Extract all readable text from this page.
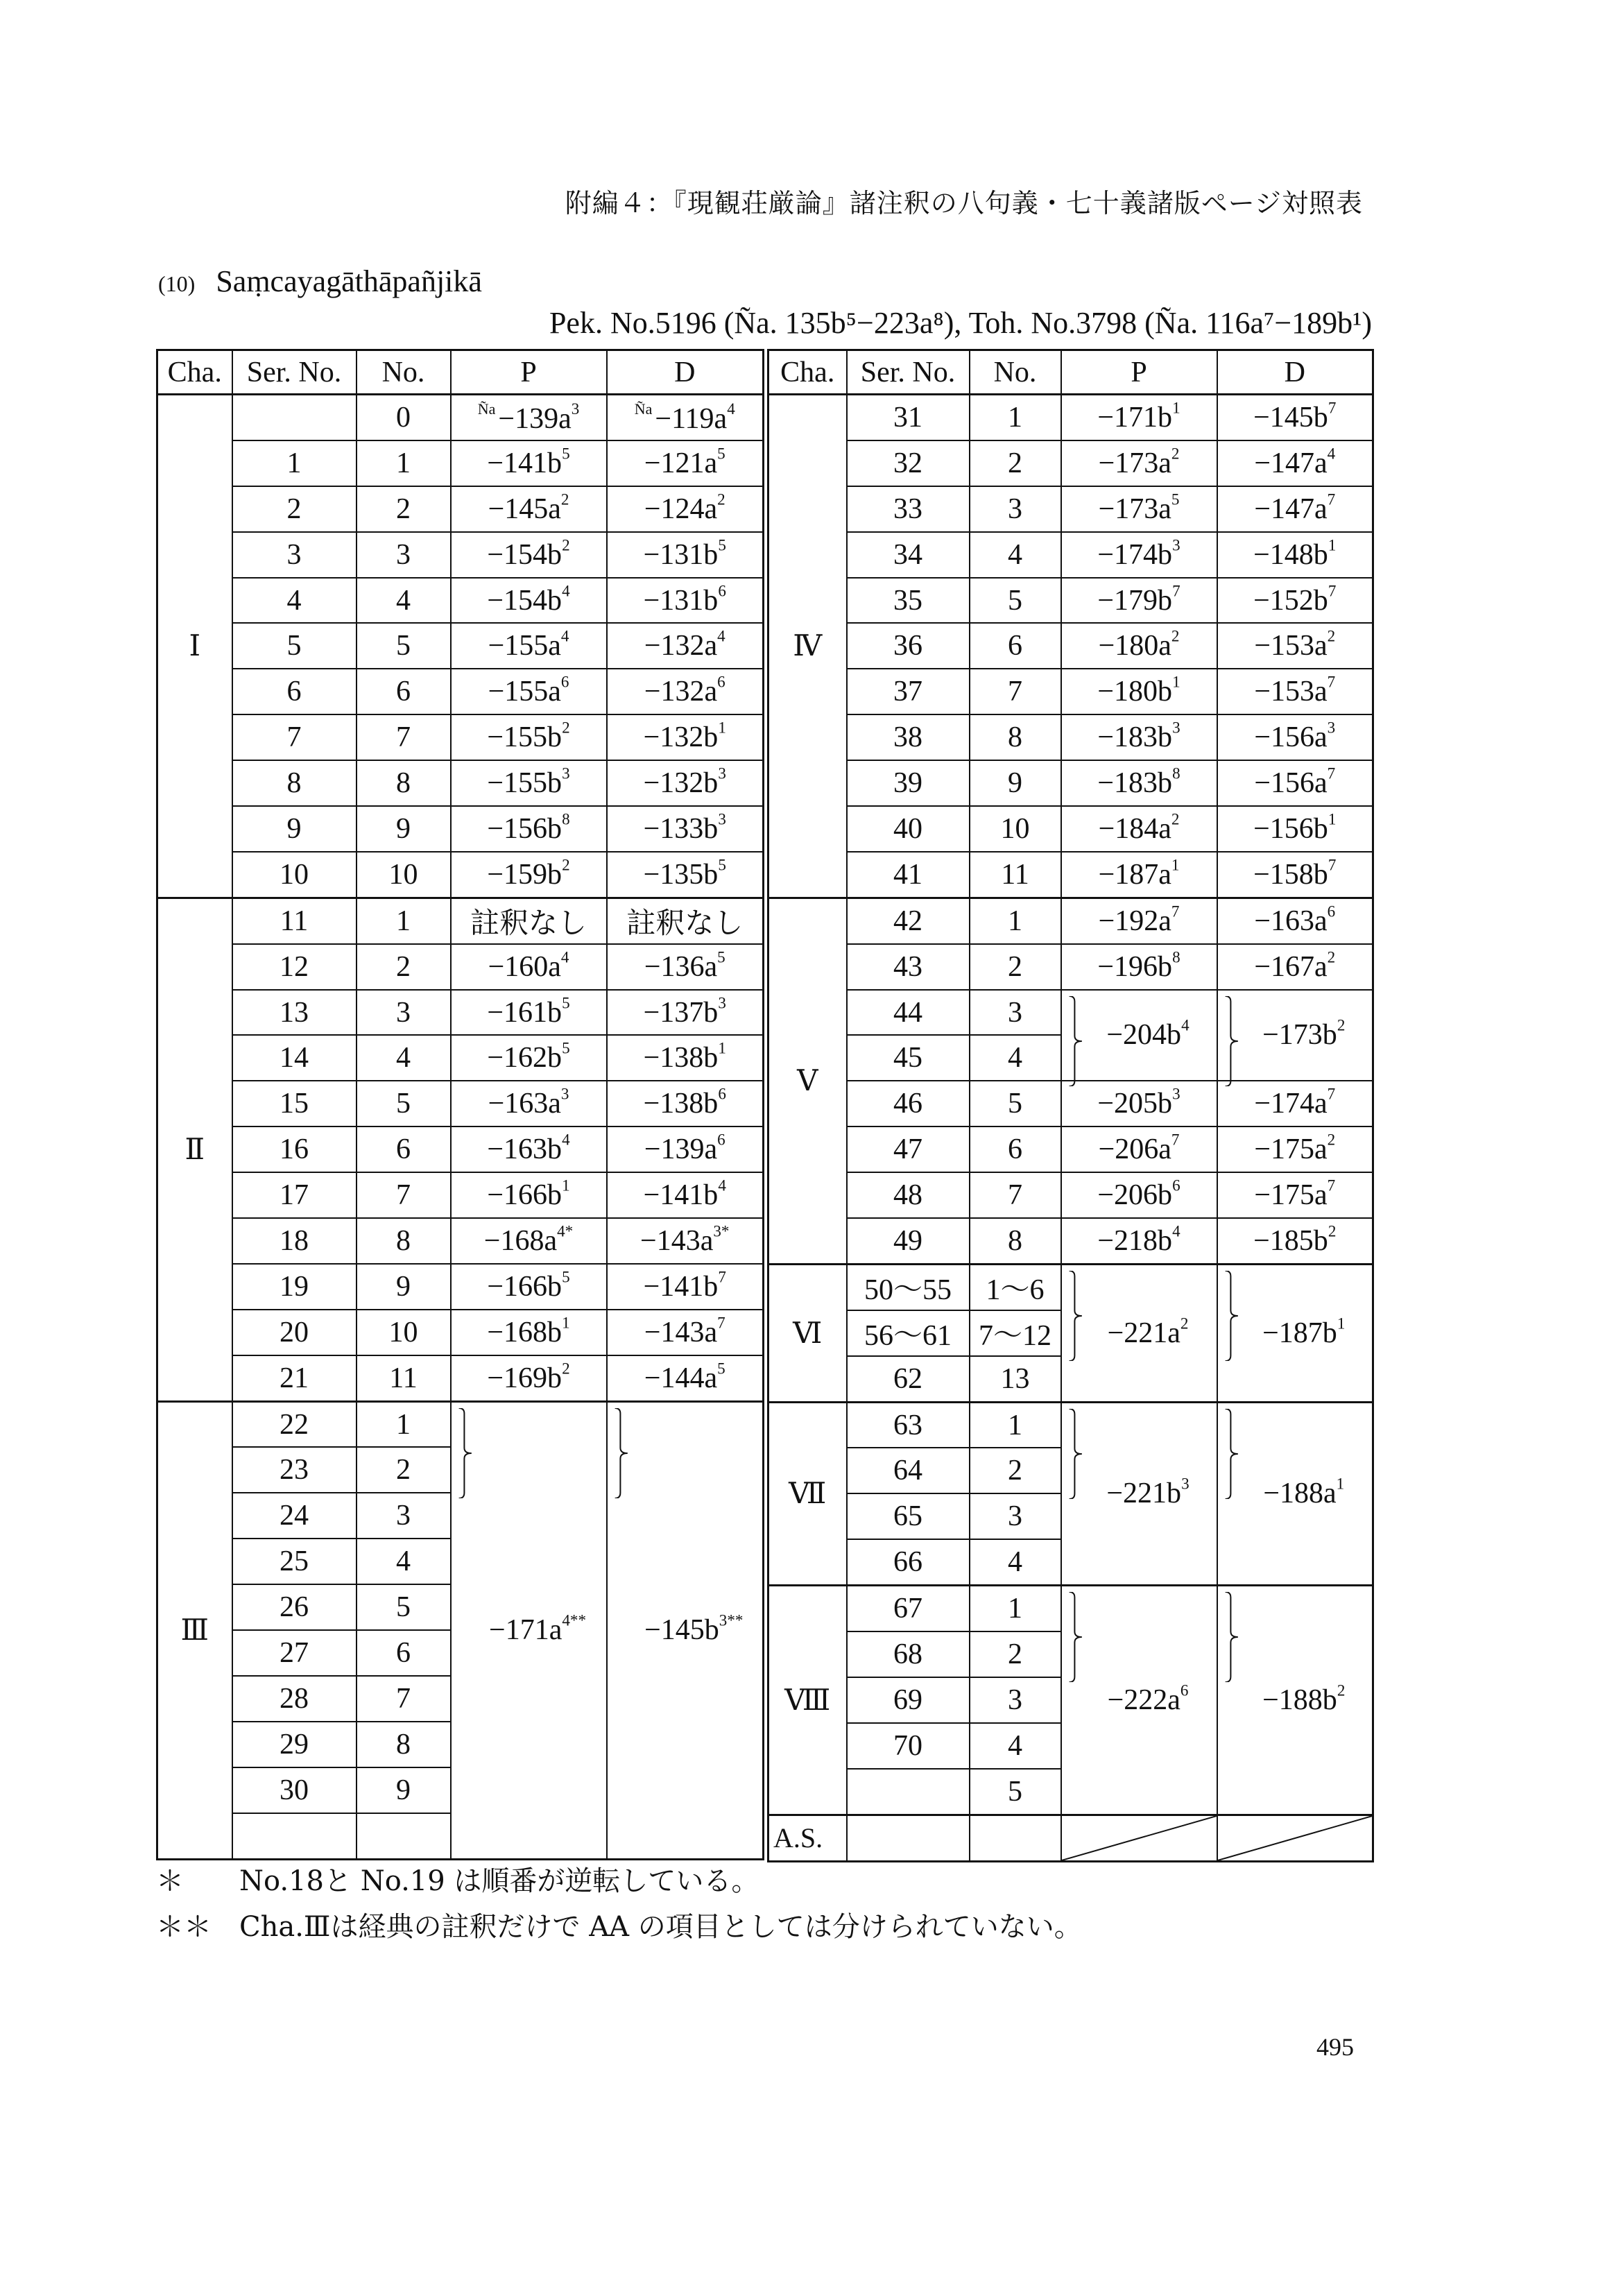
附編４：『現観荘厳論』諸注釈の八句義・七十義諸版ページ対照表
(10) Saṃcayagāthāpañjikā
Pek. No.5196 (Ña. 135b⁵−223a⁸), Toh. No.3798 (Ña. 116a⁷−189b¹)
Cha.	Ser. No.	No.	P	D
Ⅰ		0	$^{Ña}-139a^3$	$^{Ña}-119a^4$
	1	1	$-141b^5$	$-121a^5$
	2	2	$-145a^2$	$-124a^2$
	3	3	$-154b^2$	$-131b^5$
	4	4	$-154b^4$	$-131b^6$
	5	5	$-155a^4$	$-132a^4$
	6	6	$-155a^6$	$-132a^6$
	7	7	$-155b^2$	$-132b^1$
	8	8	$-155b^3$	$-132b^3$
	9	9	$-156b^8$	$-133b^3$
	10	10	$-159b^2$	$-135b^5$
Ⅱ	11	1	註釈なし	註釈なし
	12	2	$-160a^4$	$-136a^5$
	13	3	$-161b^5$	$-137b^3$
	14	4	$-162b^5$	$-138b^1$
	15	5	$-163a^3$	$-138b^6$
	16	6	$-163b^4$	$-139a^6$
	17	7	$-166b^1$	$-141b^4$
	18	8	$-168a^{4*}$	$-143a^{3*}$
	19	9	$-166b^5$	$-141b^7$
	20	10	$-168b^1$	$-143a^7$
	21	11	$-169b^2$	$-144a^5$
Ⅲ	22	1	$-171a^{4**}$	$-145b^{3**}$
	23	2		
	24	3		
	25	4		
	26	5		
	27	6		
	28	7		
	29	8		
	30	9		

Cha.	Ser. No.	No.	P	D
Ⅳ	31	1	$-171b^1$	$-145b^7$
	32	2	$-173a^2$	$-147a^4$
	33	3	$-173a^5$	$-147a^7$
	34	4	$-174b^3$	$-148b^1$
	35	5	$-179b^7$	$-152b^7$
	36	6	$-180a^2$	$-153a^2$
	37	7	$-180b^1$	$-153a^7$
	38	8	$-183b^3$	$-156a^3$
	39	9	$-183b^8$	$-156a^7$
	40	10	$-184a^2$	$-156b^1$
	41	11	$-187a^1$	$-158b^7$
Ⅴ	42	1	$-192a^7$	$-163a^6$
	43	2	$-196b^8$	$-167a^2$
	44	3	$-204b^4$	$-173b^2$
	45	4		
	46	5	$-205b^3$	$-174a^7$
	47	6	$-206a^7$	$-175a^2$
	48	7	$-206b^6$	$-175a^7$
	49	8	$-218b^4$	$-185b^2$
Ⅵ	50〜55	1〜6	$-221a^2$	$-187b^1$
	56〜61	7〜12		
	62	13		
Ⅶ	63	1	$-221b^3$	$-188a^1$
	64	2		
	65	3		
	66	4		
Ⅷ	67	1	$-222a^6$	$-188b^2$
	68	2		
	69	3		
	70	4		
		5		
A.S.			

＊ No.18と No.19 は順番が逆転している。
＊＊ Cha.Ⅲは経典の註釈だけで AA の項目としては分けられていない。
495
